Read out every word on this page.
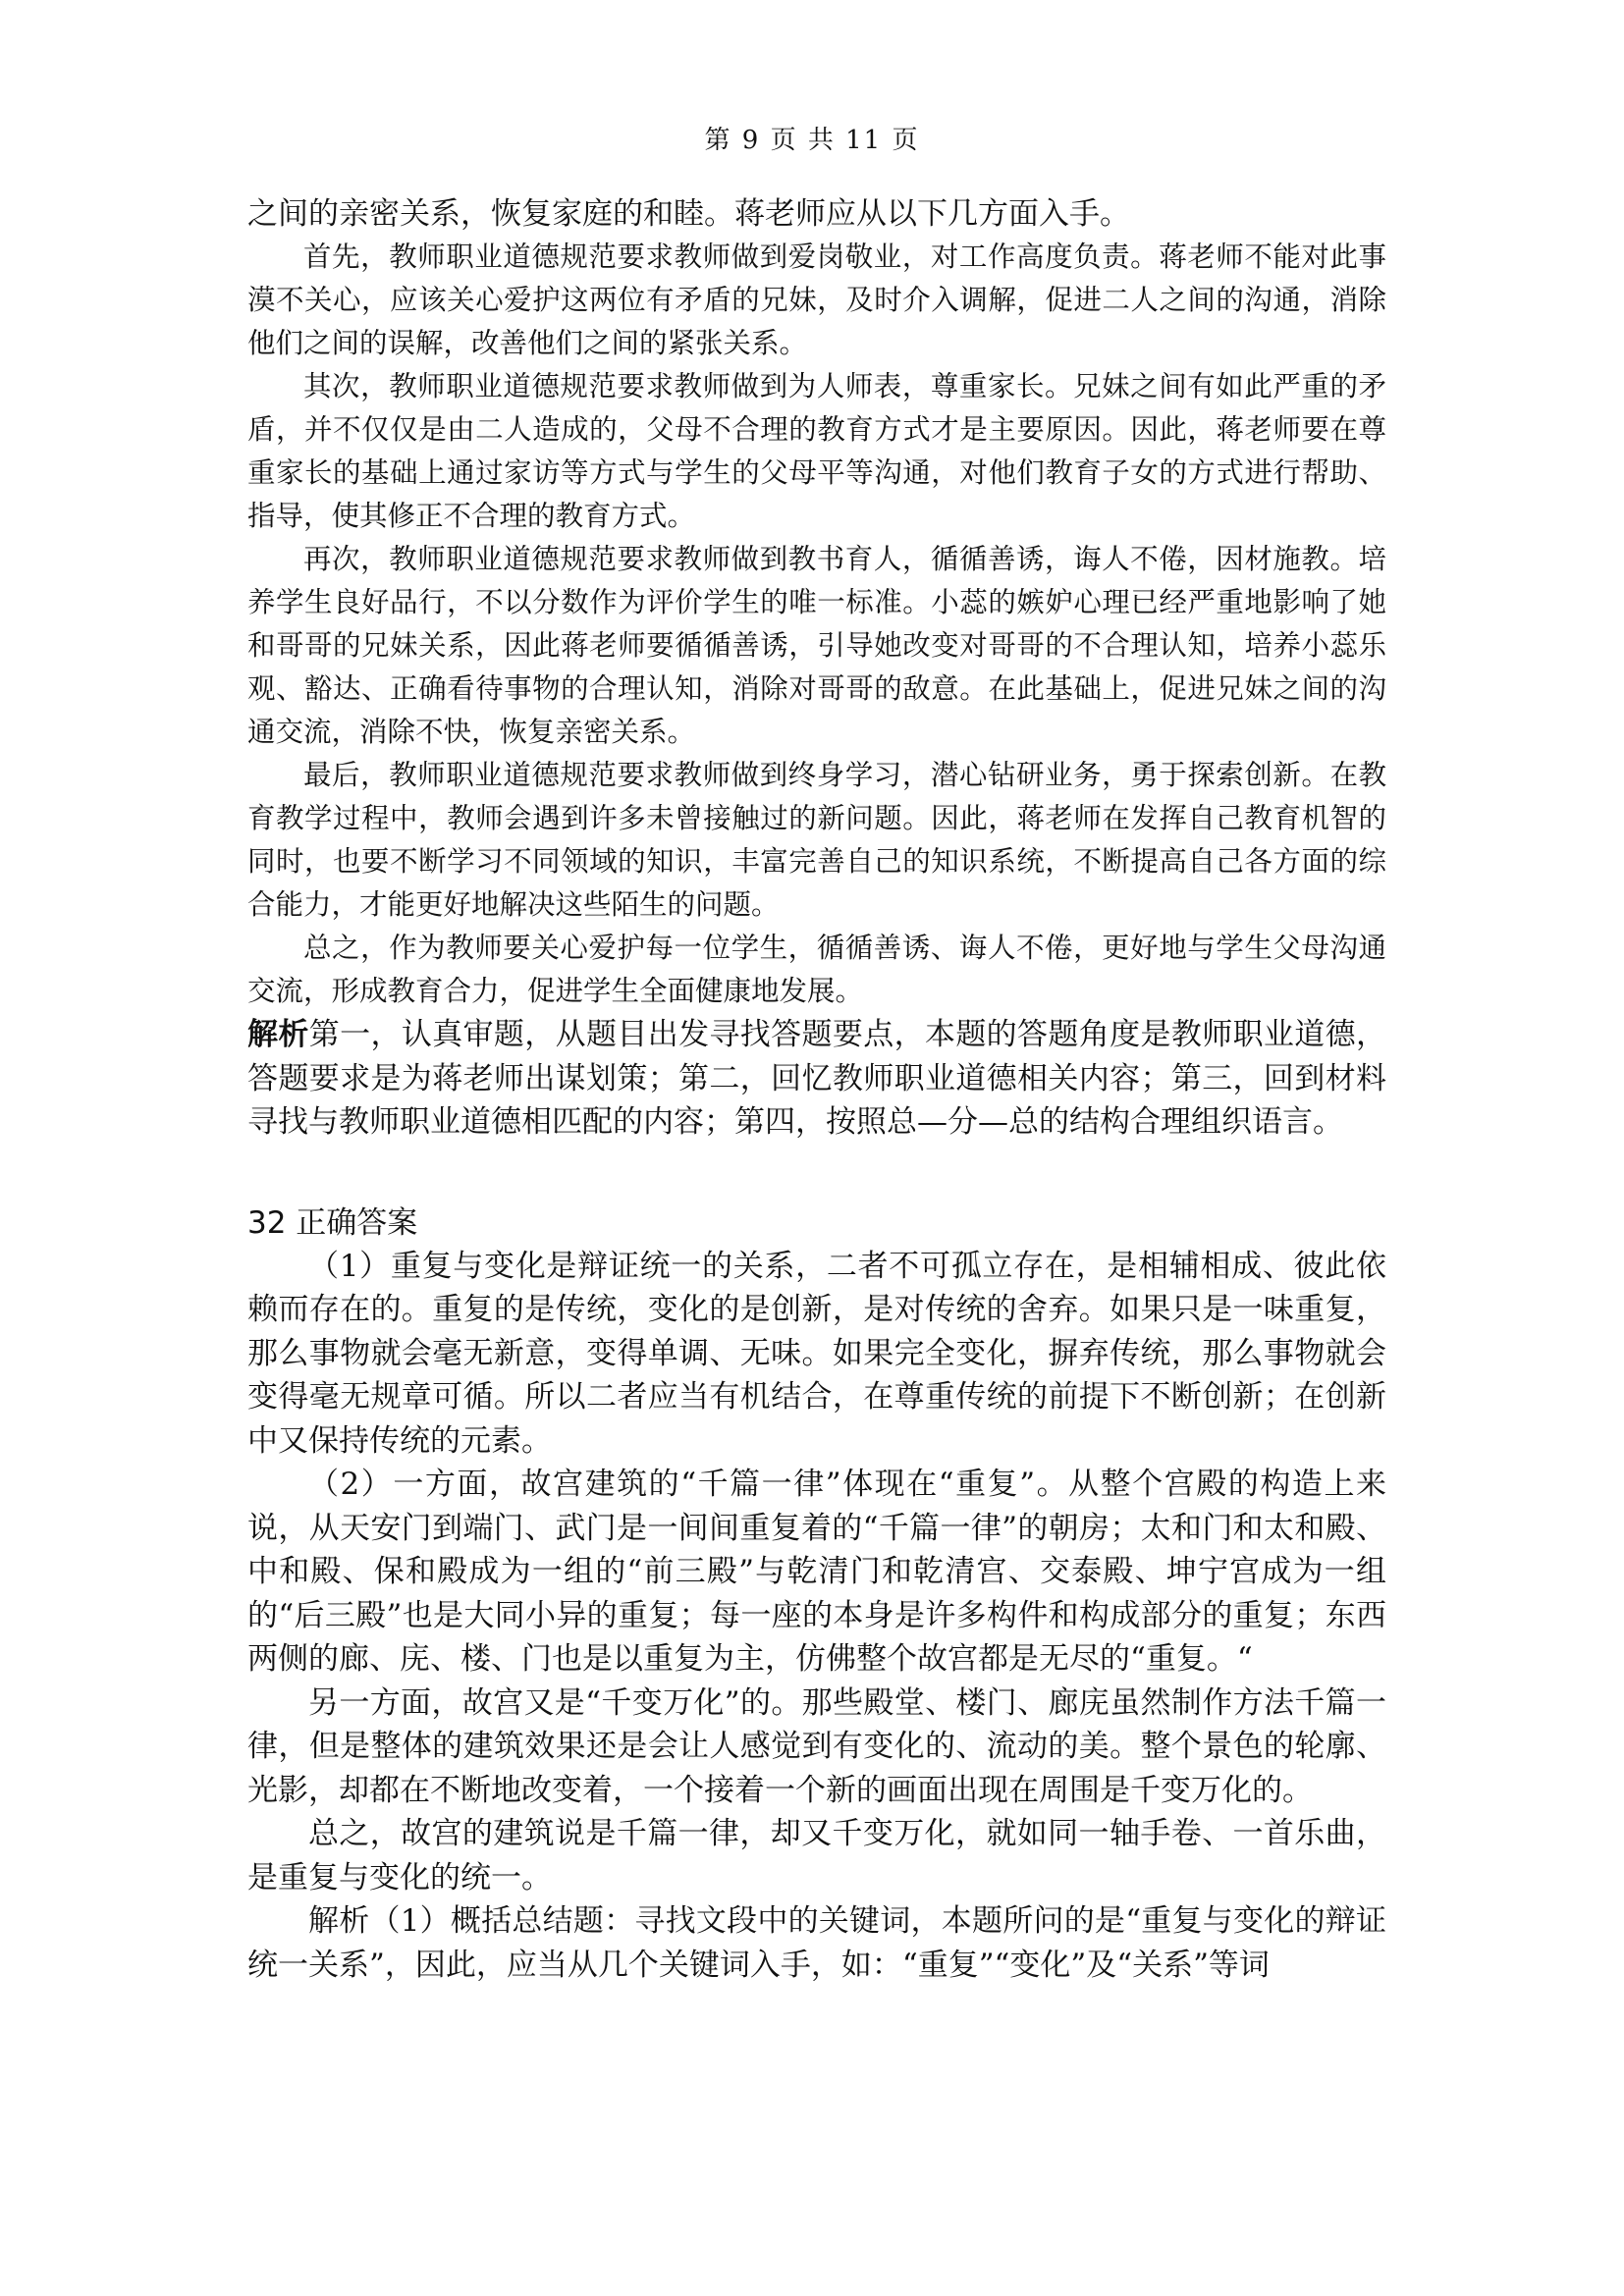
第 9 页 共 11 页

之间的亲密关系，恢复家庭的和睦。蒋老师应从以下几方面入手。

首先，教师职业道德规范要求教师做到爱岗敬业，对工作高度负责。蒋老师不能对此事漠不关心，应该关心爱护这两位有矛盾的兄妹，及时介入调解，促进二人之间的沟通，消除他们之间的误解，改善他们之间的紧张关系。

其次，教师职业道德规范要求教师做到为人师表，尊重家长。兄妹之间有如此严重的矛盾，并不仅仅是由二人造成的，父母不合理的教育方式才是主要原因。因此，蒋老师要在尊重家长的基础上通过家访等方式与学生的父母平等沟通，对他们教育子女的方式进行帮助、指导，使其修正不合理的教育方式。

再次，教师职业道德规范要求教师做到教书育人，循循善诱，诲人不倦，因材施教。培养学生良好品行，不以分数作为评价学生的唯一标准。小蕊的嫉妒心理已经严重地影响了她和哥哥的兄妹关系，因此蒋老师要循循善诱，引导她改变对哥哥的不合理认知，培养小蕊乐观、豁达、正确看待事物的合理认知，消除对哥哥的敌意。在此基础上，促进兄妹之间的沟通交流，消除不快，恢复亲密关系。

最后，教师职业道德规范要求教师做到终身学习，潜心钻研业务，勇于探索创新。在教育教学过程中，教师会遇到许多未曾接触过的新问题。因此，蒋老师在发挥自己教育机智的同时，也要不断学习不同领域的知识，丰富完善自己的知识系统，不断提高自己各方面的综合能力，才能更好地解决这些陌生的问题。

总之，作为教师要关心爱护每一位学生，循循善诱、诲人不倦，更好地与学生父母沟通交流，形成教育合力，促进学生全面健康地发展。

解析第一，认真审题，从题目出发寻找答题要点，本题的答题角度是教师职业道德，答题要求是为蒋老师出谋划策；第二，回忆教师职业道德相关内容；第三，回到材料寻找与教师职业道德相匹配的内容；第四，按照总—分—总的结构合理组织语言。

32 正确答案

（1）重复与变化是辩证统一的关系，二者不可孤立存在，是相辅相成、彼此依赖而存在的。重复的是传统，变化的是创新，是对传统的舍弃。如果只是一味重复，那么事物就会毫无新意，变得单调、无味。如果完全变化，摒弃传统，那么事物就会变得毫无规章可循。所以二者应当有机结合，在尊重传统的前提下不断创新；在创新中又保持传统的元素。

（2）一方面，故宫建筑的“千篇一律”体现在“重复”。从整个宫殿的构造上来说，从天安门到端门、武门是一间间重复着的“千篇一律”的朝房；太和门和太和殿、中和殿、保和殿成为一组的“前三殿”与乾清门和乾清宫、交泰殿、坤宁宫成为一组的“后三殿”也是大同小异的重复；每一座的本身是许多构件和构成部分的重复；东西两侧的廊、庑、楼、门也是以重复为主，仿佛整个故宫都是无尽的“重复。“

另一方面，故宫又是“千变万化”的。那些殿堂、楼门、廊庑虽然制作方法千篇一律，但是整体的建筑效果还是会让人感觉到有变化的、流动的美。整个景色的轮廓、光影，却都在不断地改变着，一个接着一个新的画面出现在周围是千变万化的。

总之，故宫的建筑说是千篇一律，却又千变万化，就如同一轴手卷、一首乐曲，是重复与变化的统一。

解析（1）概括总结题：寻找文段中的关键词，本题所问的是“重复与变化的辩证统一关系”，因此，应当从几个关键词入手，如：“重复”“变化”及“关系”等词
